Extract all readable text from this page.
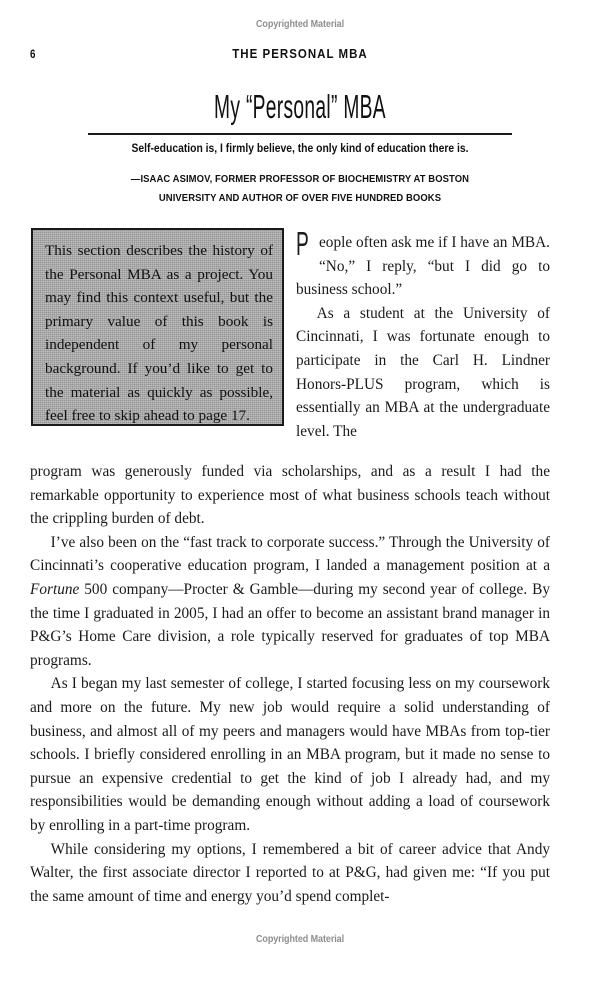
Copyrighted Material
6	THE PERSONAL MBA
My “Personal” MBA
Self-education is, I firmly believe, the only kind of education there is.
—ISAAC ASIMOV, FORMER PROFESSOR OF BIOCHEMISTRY AT BOSTON
UNIVERSITY AND AUTHOR OF OVER FIVE HUNDRED BOOKS
This section describes the history of the Personal MBA as a project. You may find this context useful, but the primary value of this book is independent of my personal background. If you’d like to get to the material as quickly as possible, feel free to skip ahead to page 17.

People often ask me if I have an MBA. “No,” I reply, “but I did go to business school.”

As a student at the University of Cincinnati, I was fortunate enough to participate in the Carl H. Lindner Honors-PLUS program, which is essentially an MBA at the undergraduate level. The

program was generously funded via scholarships, and as a result I had the remarkable opportunity to experience most of what business schools teach without the crippling burden of debt.

I’ve also been on the “fast track to corporate success.” Through the University of Cincinnati’s cooperative education program, I landed a management position at a Fortune 500 company—Procter & Gamble—during my second year of college. By the time I graduated in 2005, I had an offer to become an assistant brand manager in P&G’s Home Care division, a role typically reserved for graduates of top MBA programs.

As I began my last semester of college, I started focusing less on my coursework and more on the future. My new job would require a solid understanding of business, and almost all of my peers and managers would have MBAs from top-tier schools. I briefly considered enrolling in an MBA program, but it made no sense to pursue an expensive credential to get the kind of job I already had, and my responsibilities would be demanding enough without adding a load of coursework by enrolling in a part-time program.

While considering my options, I remembered a bit of career advice that Andy Walter, the first associate director I reported to at P&G, had given me: “If you put the same amount of time and energy you’d spend complet-

Copyrighted Material
